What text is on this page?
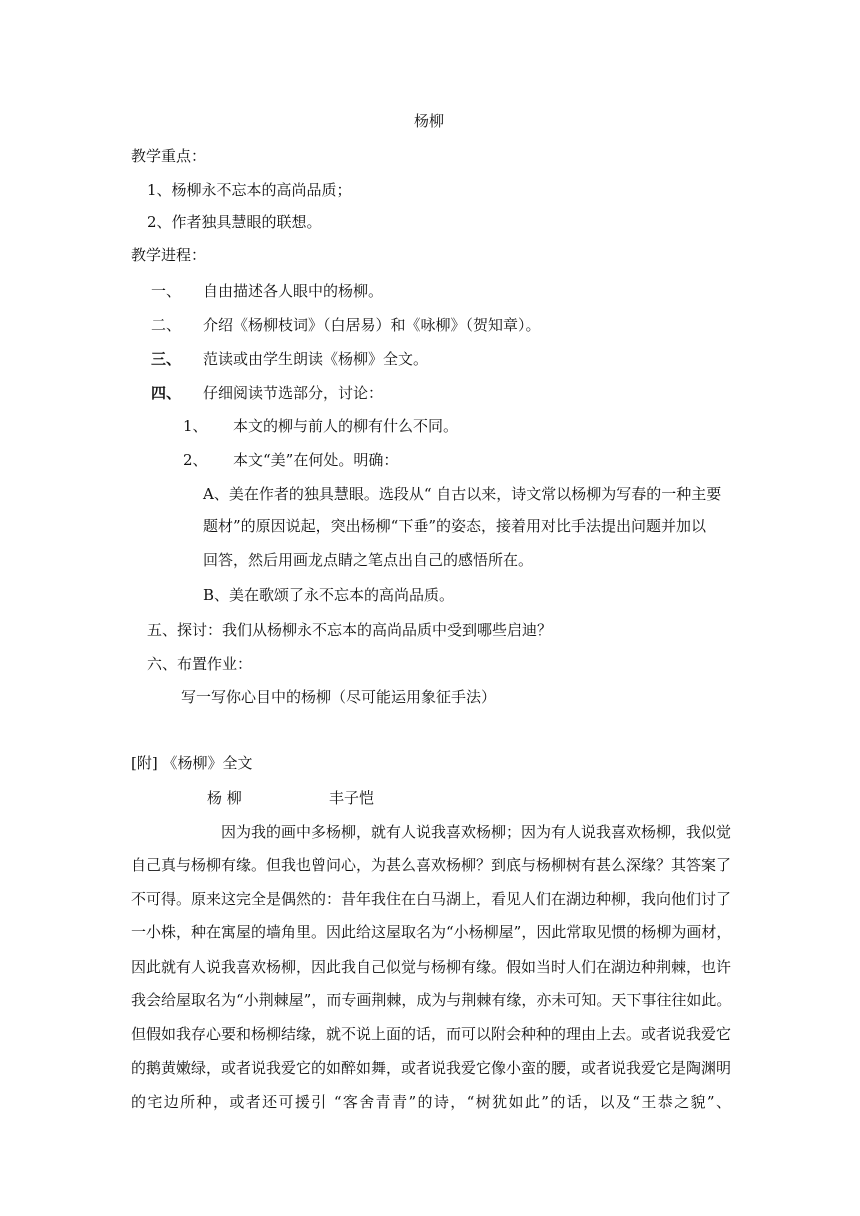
杨柳
教学重点：
1、杨柳永不忘本的高尚品质；
2、作者独具慧眼的联想。
教学进程：
一、 自由描述各人眼中的杨柳。
二、 介绍《杨柳枝词》（白居易）和《咏柳》（贺知章）。
三、 范读或由学生朗读《杨柳》全文。
四、 仔细阅读节选部分，讨论：
1、 本文的柳与前人的柳有什么不同。
2、 本文“美”在何处。明确：
A、美在作者的独具慧眼。选段从“ 自古以来，诗文常以杨柳为写春的一种主要
题材”的原因说起，突出杨柳“下垂”的姿态，接着用对比手法提出问题并加以
回答，然后用画龙点睛之笔点出自己的感悟所在。
B、美在歌颂了永不忘本的高尚品质。
五、探讨：我们从杨柳永不忘本的高尚品质中受到哪些启迪？
六、布置作业：
写一写你心目中的杨柳（尽可能运用象征手法）
[附] 《杨柳》全文
杨 柳	丰子恺
因为我的画中多杨柳，就有人说我喜欢杨柳；因为有人说我喜欢杨柳，我似觉
自己真与杨柳有缘。但我也曾问心，为甚么喜欢杨柳？到底与杨柳树有甚么深缘？其答案了
不可得。原来这完全是偶然的：昔年我住在白马湖上，看见人们在湖边种柳，我向他们讨了
一小株，种在寓屋的墙角里。因此给这屋取名为“小杨柳屋”，因此常取见惯的杨柳为画材，
因此就有人说我喜欢杨柳，因此我自己似觉与杨柳有缘。假如当时人们在湖边种荆棘，也许
我会给屋取名为“小荆棘屋”，而专画荆棘，成为与荆棘有缘，亦未可知。天下事往往如此。
但假如我存心要和杨柳结缘，就不说上面的话，而可以附会种种的理由上去。或者说我爱它
的鹅黄嫩绿，或者说我爱它的如醉如舞，或者说我爱它像小蛮的腰，或者说我爱它是陶渊明
的宅边所种，或者还可援引 “客舍青青”的诗，“树犹如此”的话，以及“王恭之貌”、
